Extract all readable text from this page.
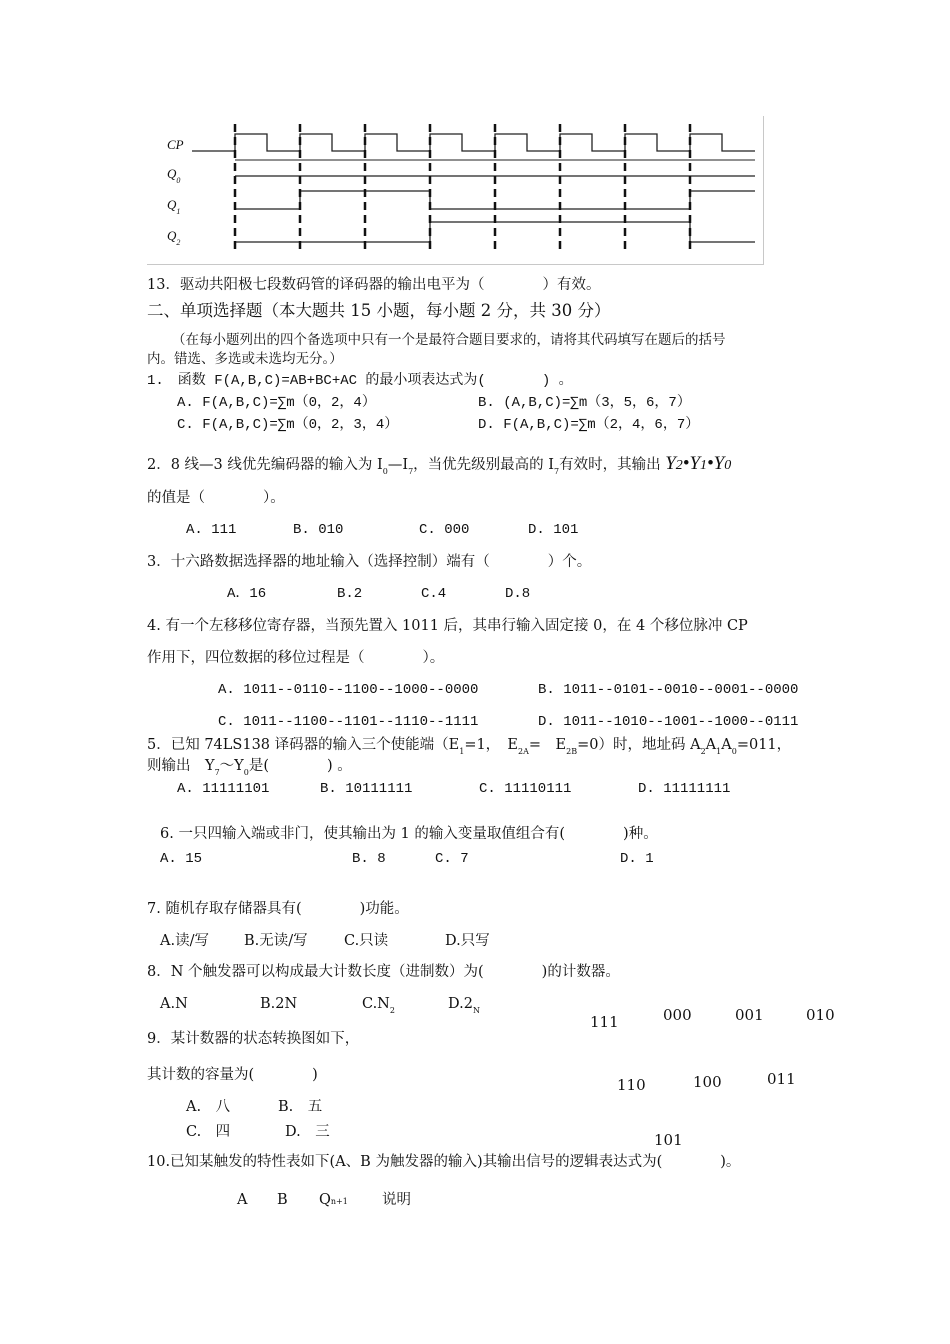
CP
$Q_0$
$Q_1$
$Q_2$
13．驱动共阳极七段数码管的译码器的输出电平为（　　　　）有效。
二、单项选择题（本大题共 15 小题，每小题 2 分，共 30 分）
（在每小题列出的四个备选项中只有一个是最符合题目要求的，请将其代码填写在题后的括号
内。错选、多选或未选均无分。）
1.　函数 F(A,B,C)=AB+BC+AC 的最小项表达式为(　　　　) 。
A. F(A,B,C)=∑m（0，2，4）	B. (A,B,C)=∑m（3，5，6，7）
C. F(A,B,C)=∑m（0，2，3，4）	D. F(A,B,C)=∑m（2，4，6，7）
2．8 线—3 线优先编码器的输入为 $I_0—I_7$，当优先级别最高的 $I_7$有效时，其输出 Y2•Y1•Y0
的值是（　　　　）。
A. 111	B. 010	C. 000	D. 101
3．十六路数据选择器的地址输入（选择控制）端有（　　　　）个。
A．16	B.2	C.4	D.8
4. 有一个左移移位寄存器，当预先置入 1011 后，其串行输入固定接 0，在 4 个移位脉冲 CP
作用下，四位数据的移位过程是（　　　　）。
A. 1011--0110--1100--1000--0000	B. 1011--0101--0010--0001--0000
C. 1011--1100--1101--1110--1111	D. 1011--1010--1001--1000--0111
5．已知 74LS138 译码器的输入三个使能端（$E_1=1$，　$E_{2A}=$　$E_{2B}=0$）时，地址码 $A_2A_1A_0=011$，
则输出　$Y_7\sim Y_0$是(　　　　) 。
A. 11111101	B. 10111111	C. 11110111	D. 11111111
6. 一只四输入端或非门，使其输出为 1 的输入变量取值组合有(　　　　)种。
A. 15	B. 8	C. 7	D. 1
7. 随机存取存储器具有(　　　　)功能。
A.读/写 B.无读/写	C.只读	D.只写
8．N 个触发器可以构成最大计数长度（进制数）为(　　　　)的计数器。
A.N	B.2N	$C.N_2$	$D.2_N$
9．某计数器的状态转换图如下，
其计数的容量为(　　　　)
A.　八	B.　五
C.　四	D.　三
111	000	001	010
110	100	011
101
10.已知某触发的特性表如下(A、B 为触发器的输入)其输出信号的逻辑表达式为(　　　　)。
A B Qn+1 说明
